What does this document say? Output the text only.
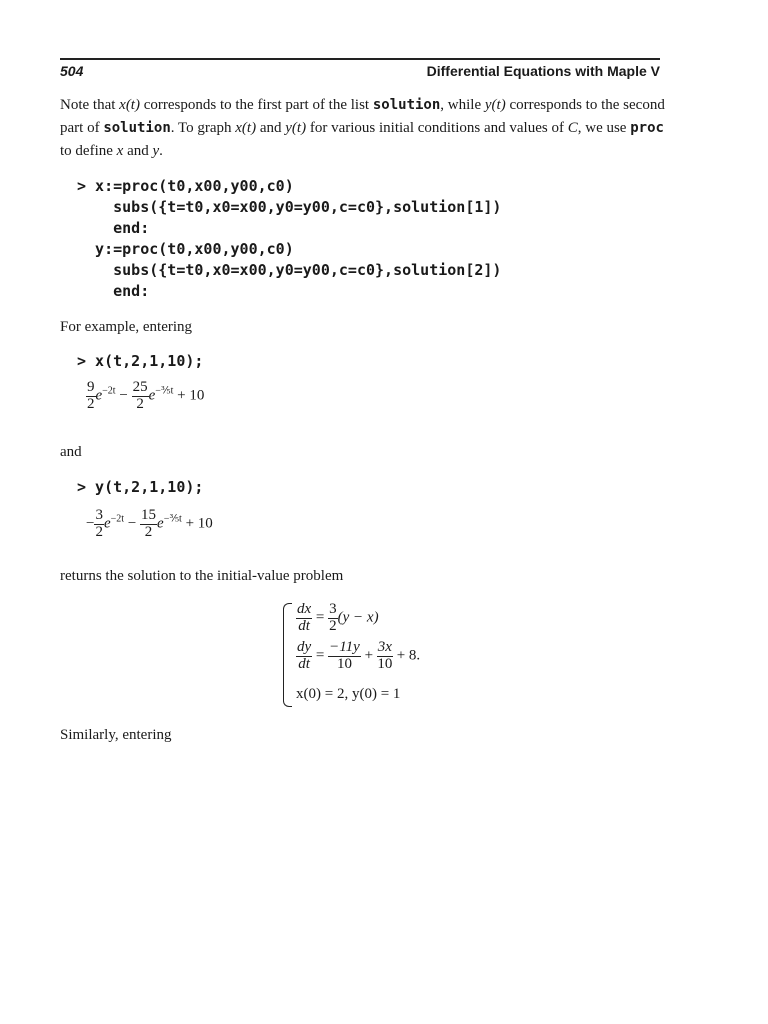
504	Differential Equations with Maple V
Note that x(t) corresponds to the first part of the list solution, while y(t) corresponds to the second part of solution. To graph x(t) and y(t) for various initial conditions and values of C, we use proc to define x and y.
> x:=proc(t0,x00,y00,c0)
subs({t=t0,x0=x00,y0=y00,c=c0},solution[1])
end:
y:=proc(t0,x00,y00,c0)
subs({t=t0,x0=x00,y0=y00,c=c0},solution[2])
end:
For example, entering
> x(t,2,1,10);
$\frac{9}{2} e^{-2t} - \frac{25}{2} e^{-\frac{3}{5}t} + 10$
and
> y(t,2,1,10);
− $\frac{3}{2} e^{-2t} - \frac{15}{2} e^{-\frac{3}{5}t} + 10$
returns the solution to the initial-value problem
$\frac{dx}{dt} = \frac{3}{2} (y - x)$
$\frac{dy}{dt} = \frac{-11y}{10} + \frac{3x}{10} + 8$.
x(0) = 2, y(0) = 1
Similarly, entering
